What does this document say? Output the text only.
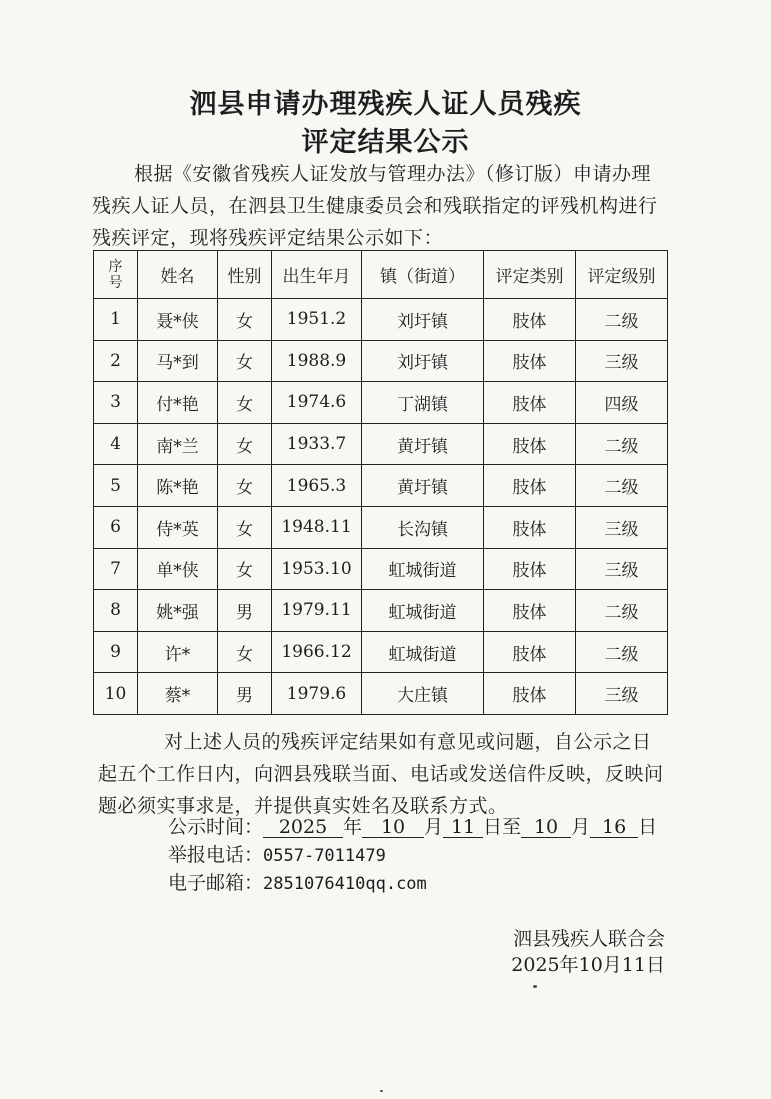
泗县申请办理残疾人证人员残疾
评定结果公示
根据《安徽省残疾人证发放与管理办法》（修订版）申请办理残疾人证人员，在泗县卫生健康委员会和残联指定的评残机构进行残疾评定，现将残疾评定结果公示如下：
序
号	姓名	性别	出生年月	镇（街道）	评定类别	评定级别
1	聂*侠	女	1951.2	刘圩镇	肢体	二级
2	马*到	女	1988.9	刘圩镇	肢体	三级
3	付*艳	女	1974.6	丁湖镇	肢体	四级
4	南*兰	女	1933.7	黄圩镇	肢体	二级
5	陈*艳	女	1965.3	黄圩镇	肢体	二级
6	侍*英	女	1948.11	长沟镇	肢体	三级
7	单*侠	女	1953.10	虹城街道	肢体	三级
8	姚*强	男	1979.11	虹城街道	肢体	二级
9	许*	女	1966.12	虹城街道	肢体	二级
10	蔡*	男	1979.6	大庄镇	肢体	三级
对上述人员的残疾评定结果如有意见或问题，自公示之日起五个工作日内，向泗县残联当面、电话或发送信件反映，反映问题必须实事求是，并提供真实姓名及联系方式。
公示时间： 2025 年 10 月 11 日至 10 月 16 日
举报电话：0557-7011479
电子邮箱：2851076410qq.com
泗县残疾人联合会
2025年10月11日
